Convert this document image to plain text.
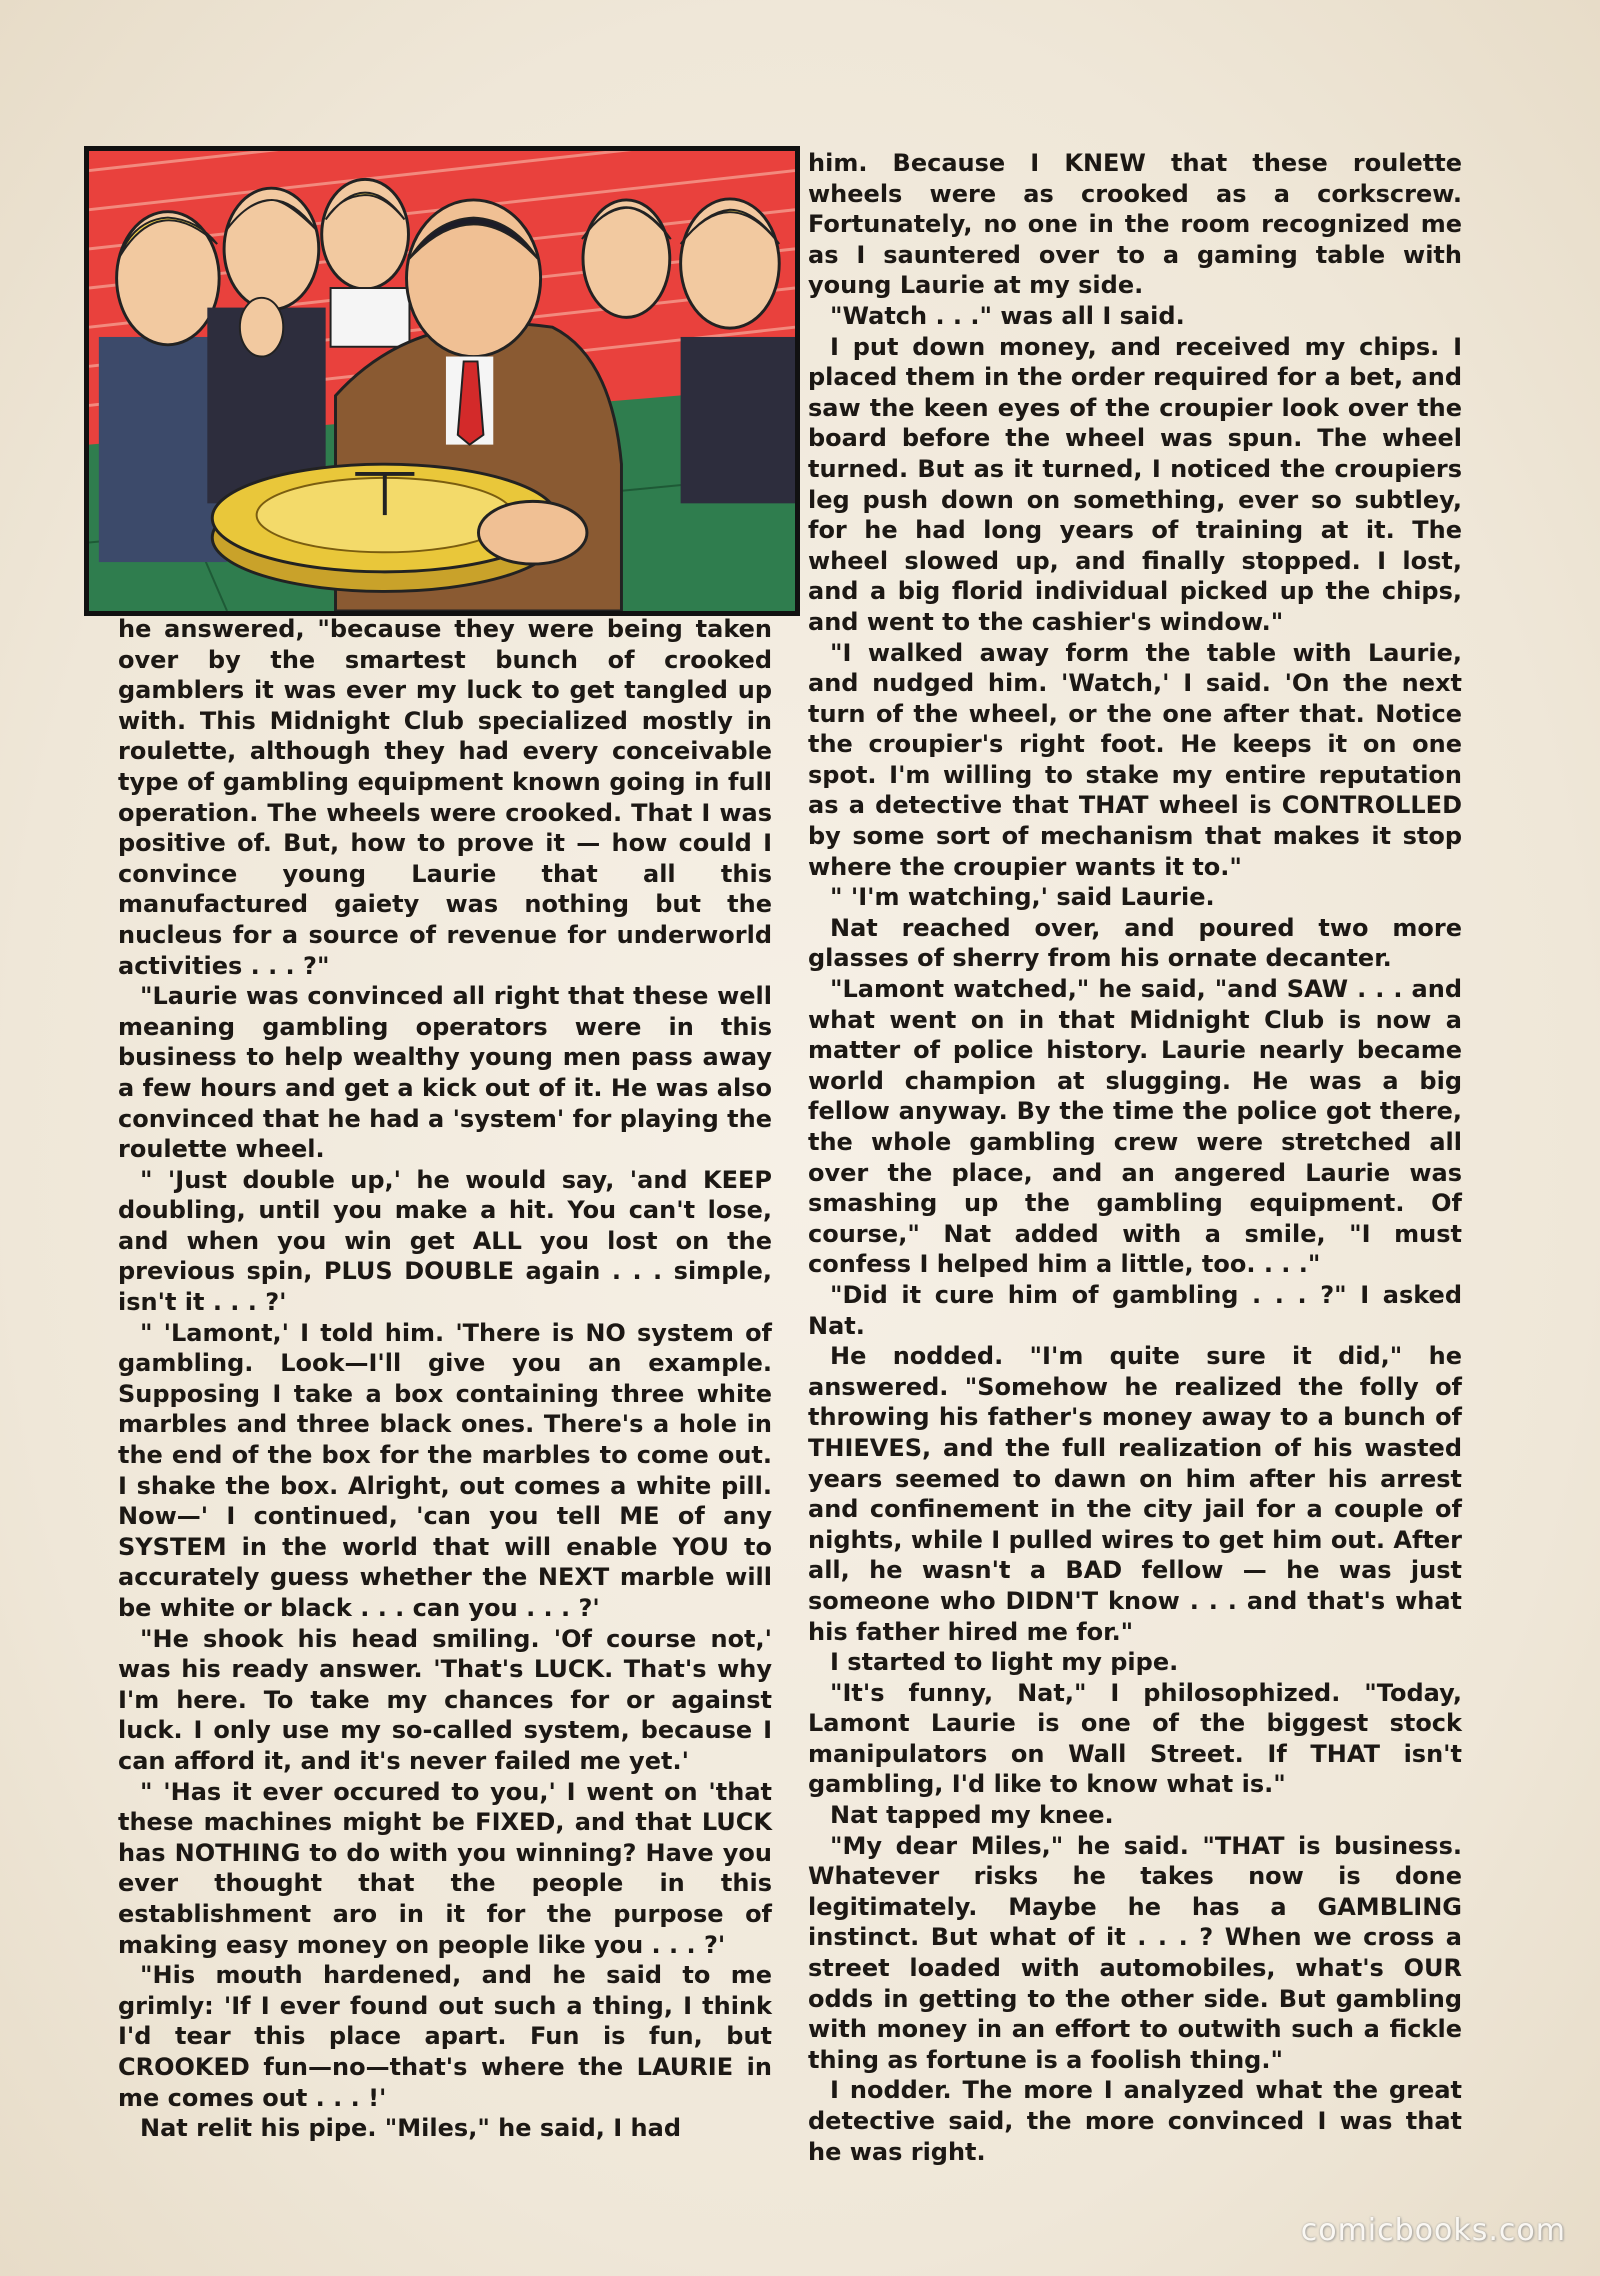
he answered, "because they were being taken over by the smartest bunch of crooked gamblers it was ever my luck to get tangled up with. This Midnight Club specialized mostly in roulette, although they had every conceivable type of gambling equipment known going in full operation. The wheels were crooked. That I was positive of. But, how to prove it — how could I convince young Laurie that all this manufactured gaiety was nothing but the nucleus for a source of revenue for underworld activities . . . ?"

"Laurie was convinced all right that these well meaning gambling operators were in this business to help wealthy young men pass away a few hours and get a kick out of it. He was also convinced that he had a 'system' for playing the roulette wheel.

" 'Just double up,' he would say, 'and KEEP doubling, until you make a hit. You can't lose, and when you win get ALL you lost on the previous spin, PLUS DOUBLE again . . . simple, isn't it . . . ?'

" 'Lamont,' I told him. 'There is NO system of gambling. Look—I'll give you an example. Supposing I take a box containing three white marbles and three black ones. There's a hole in the end of the box for the marbles to come out. I shake the box. Alright, out comes a white pill. Now—' I continued, 'can you tell ME of any SYSTEM in the world that will enable YOU to accurately guess whether the NEXT marble will be white or black . . . can you . . . ?'

"He shook his head smiling. 'Of course not,' was his ready answer. 'That's LUCK. That's why I'm here. To take my chances for or against luck. I only use my so-called system, because I can afford it, and it's never failed me yet.'

" 'Has it ever occured to you,' I went on 'that these machines might be FIXED, and that LUCK has NOTHING to do with you winning? Have you ever thought that the people in this establishment aro in it for the purpose of making easy money on people like you . . . ?'

"His mouth hardened, and he said to me grimly: 'If I ever found out such a thing, I think I'd tear this place apart. Fun is fun, but CROOKED fun—no—that's where the LAURIE in me comes out . . . !'

Nat relit his pipe. "Miles," he said, I had

him. Because I KNEW that these roulette wheels were as crooked as a corkscrew. Fortunately, no one in the room recognized me as I sauntered over to a gaming table with young Laurie at my side.

"Watch . . ." was all I said.

I put down money, and received my chips. I placed them in the order required for a bet, and saw the keen eyes of the croupier look over the board before the wheel was spun. The wheel turned. But as it turned, I noticed the croupiers leg push down on something, ever so subtley, for he had long years of training at it. The wheel slowed up, and finally stopped. I lost, and a big florid individual picked up the chips, and went to the cashier's window."

"I walked away form the table with Laurie, and nudged him. 'Watch,' I said. 'On the next turn of the wheel, or the one after that. Notice the croupier's right foot. He keeps it on one spot. I'm willing to stake my entire reputation as a detective that THAT wheel is CONTROLLED by some sort of mechanism that makes it stop where the croupier wants it to."

" 'I'm watching,' said Laurie.

Nat reached over, and poured two more glasses of sherry from his ornate decanter.

"Lamont watched," he said, "and SAW . . . and what went on in that Midnight Club is now a matter of police history. Laurie nearly became world champion at slugging. He was a big fellow anyway. By the time the police got there, the whole gambling crew were stretched all over the place, and an angered Laurie was smashing up the gambling equipment. Of course," Nat added with a smile, "I must confess I helped him a little, too. . . ."

"Did it cure him of gambling . . . ?" I asked Nat.

He nodded. "I'm quite sure it did," he answered. "Somehow he realized the folly of throwing his father's money away to a bunch of THIEVES, and the full realization of his wasted years seemed to dawn on him after his arrest and confinement in the city jail for a couple of nights, while I pulled wires to get him out. After all, he wasn't a BAD fellow — he was just someone who DIDN'T know . . . and that's what his father hired me for."

I started to light my pipe.

"It's funny, Nat," I philosophized. "Today, Lamont Laurie is one of the biggest stock manipulators on Wall Street. If THAT isn't gambling, I'd like to know what is."

Nat tapped my knee.

"My dear Miles," he said. "THAT is business. Whatever risks he takes now is done legitimately. Maybe he has a GAMBLING instinct. But what of it . . . ? When we cross a street loaded with automobiles, what's OUR odds in getting to the other side. But gambling with money in an effort to outwith such a fickle thing as fortune is a foolish thing."

I nodder. The more I analyzed what the great detective said, the more convinced I was that he was right.

comicbooks.com
